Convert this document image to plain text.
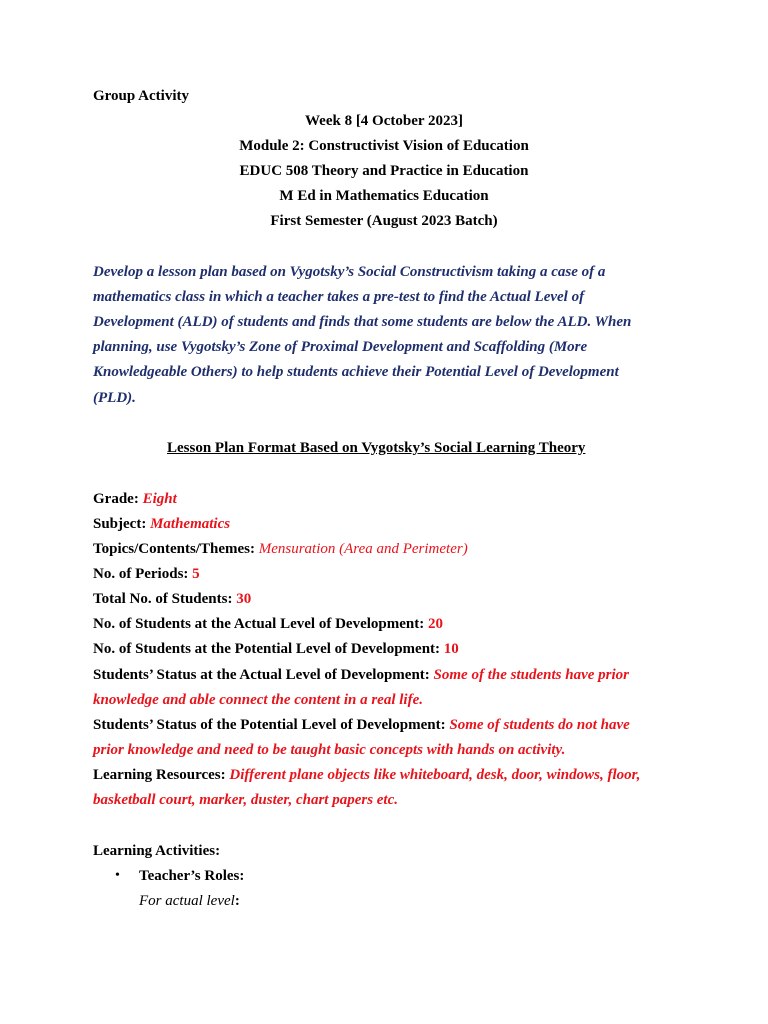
Group Activity
Week 8 [4 October 2023]
Module 2: Constructivist Vision of Education
EDUC 508 Theory and Practice in Education
M Ed in Mathematics Education
First Semester (August 2023 Batch)
Develop a lesson plan based on Vygotsky’s Social Constructivism taking a case of a
mathematics class in which a teacher takes a pre-test to find the Actual Level of
Development (ALD) of students and finds that some students are below the ALD. When
planning, use Vygotsky’s Zone of Proximal Development and Scaffolding (More
Knowledgeable Others) to help students achieve their Potential Level of Development
(PLD).
Lesson Plan Format Based on Vygotsky’s Social Learning Theory
Grade: Eight
Subject: Mathematics
Topics/Contents/Themes: Mensuration (Area and Perimeter)
No. of Periods: 5
Total No. of Students: 30
No. of Students at the Actual Level of Development: 20
No. of Students at the Potential Level of Development: 10
Students’ Status at the Actual Level of Development: Some of the students have prior
knowledge and able connect the content in a real life.
Students’ Status of the Potential Level of Development: Some of students do not have
prior knowledge and need to be taught basic concepts with hands on activity.
Learning Resources: Different plane objects like whiteboard, desk, door, windows, floor,
basketball court, marker, duster, chart papers etc.
Learning Activities:
• Teacher’s Roles:
For actual level:
